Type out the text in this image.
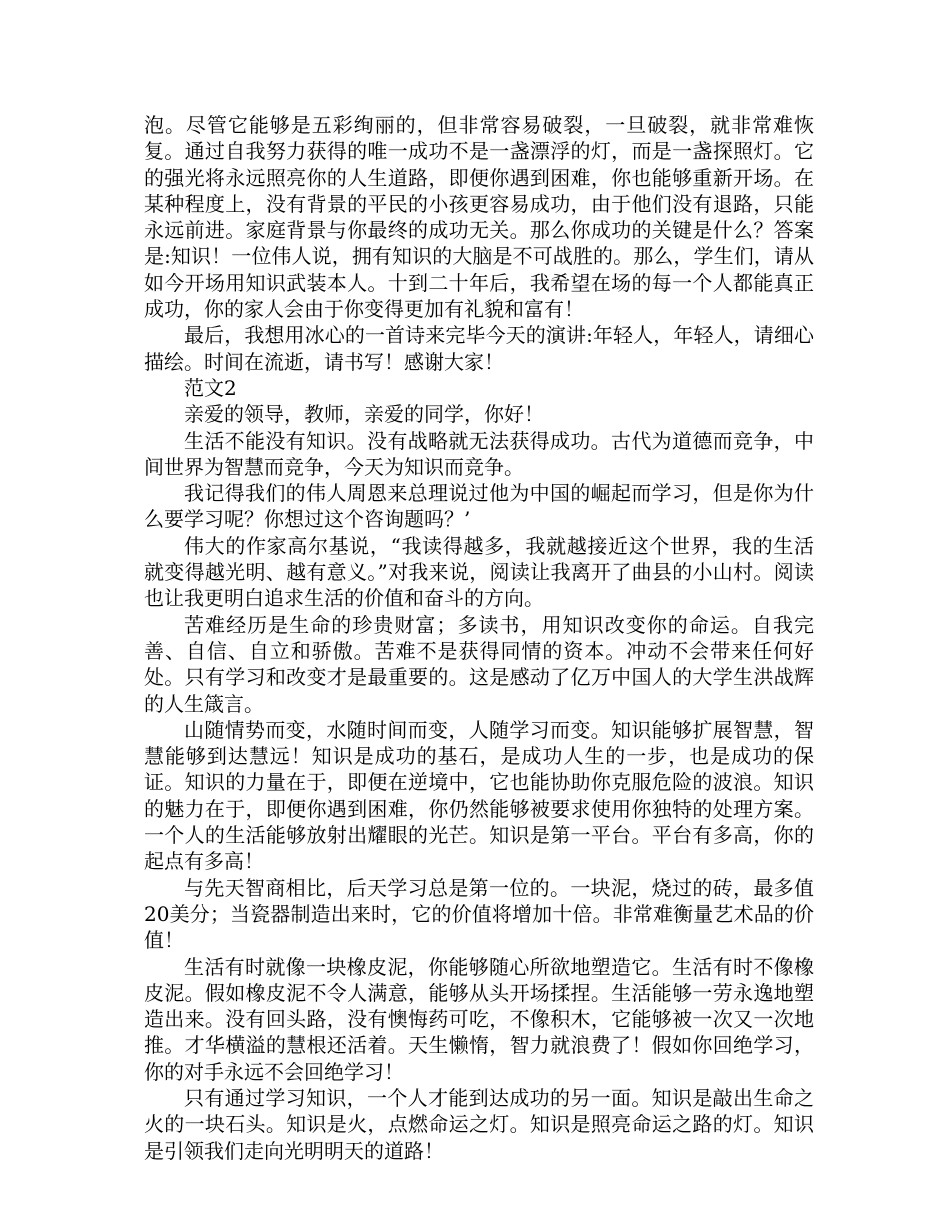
泡。尽管它能够是五彩绚丽的，但非常容易破裂，一旦破裂，就非常难恢复。通过自我努力获得的唯一成功不是一盏漂浮的灯，而是一盏探照灯。它的强光将永远照亮你的人生道路，即便你遇到困难，你也能够重新开场。在某种程度上，没有背景的平民的小孩更容易成功，由于他们没有退路，只能永远前进。家庭背景与你最终的成功无关。那么你成功的关键是什么？答案是:知识！一位伟人说，拥有知识的大脑是不可战胜的。那么，学生们，请从如今开场用知识武装本人。十到二十年后，我希望在场的每一个人都能真正成功，你的家人会由于你变得更加有礼貌和富有！

最后，我想用冰心的一首诗来完毕今天的演讲:年轻人，年轻人，请细心描绘。时间在流逝，请书写！感谢大家！

范文2

亲爱的领导，教师，亲爱的同学，你好！

生活不能没有知识。没有战略就无法获得成功。古代为道德而竞争，中间世界为智慧而竞争，今天为知识而竞争。

我记得我们的伟人周恩来总理说过他为中国的崛起而学习，但是你为什么要学习呢？你想过这个咨询题吗？’

伟大的作家高尔基说，“我读得越多，我就越接近这个世界，我的生活就变得越光明、越有意义。”对我来说，阅读让我离开了曲县的小山村。阅读也让我更明白追求生活的价值和奋斗的方向。

苦难经历是生命的珍贵财富；多读书，用知识改变你的命运。自我完善、自信、自立和骄傲。苦难不是获得同情的资本。冲动不会带来任何好处。只有学习和改变才是最重要的。这是感动了亿万中国人的大学生洪战辉的人生箴言。

山随情势而变，水随时间而变，人随学习而变。知识能够扩展智慧，智慧能够到达慧远！知识是成功的基石，是成功人生的一步，也是成功的保证。知识的力量在于，即便在逆境中，它也能协助你克服危险的波浪。知识的魅力在于，即便你遇到困难，你仍然能够被要求使用你独特的处理方案。一个人的生活能够放射出耀眼的光芒。知识是第一平台。平台有多高，你的起点有多高！

与先天智商相比，后天学习总是第一位的。一块泥，烧过的砖，最多值20美分；当瓷器制造出来时，它的价值将增加十倍。非常难衡量艺术品的价值！

生活有时就像一块橡皮泥，你能够随心所欲地塑造它。生活有时不像橡皮泥。假如橡皮泥不令人满意，能够从头开场揉捏。生活能够一劳永逸地塑造出来。没有回头路，没有懊悔药可吃，不像积木，它能够被一次又一次地推。才华横溢的慧根还活着。天生懒惰，智力就浪费了！假如你回绝学习，你的对手永远不会回绝学习！

只有通过学习知识，一个人才能到达成功的另一面。知识是敲出生命之火的一块石头。知识是火，点燃命运之灯。知识是照亮命运之路的灯。知识是引领我们走向光明明天的道路！
